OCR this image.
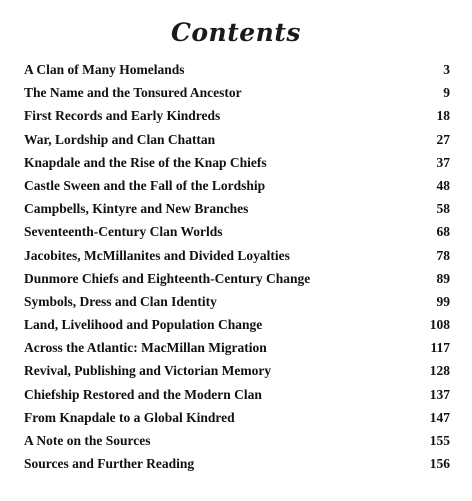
Contents
A Clan of Many Homelands	3
The Name and the Tonsured Ancestor	9
First Records and Early Kindreds	18
War, Lordship and Clan Chattan	27
Knapdale and the Rise of the Knap Chiefs	37
Castle Sween and the Fall of the Lordship	48
Campbells, Kintyre and New Branches	58
Seventeenth-Century Clan Worlds	68
Jacobites, McMillanites and Divided Loyalties	78
Dunmore Chiefs and Eighteenth-Century Change	89
Symbols, Dress and Clan Identity	99
Land, Livelihood and Population Change	108
Across the Atlantic: MacMillan Migration	117
Revival, Publishing and Victorian Memory	128
Chiefship Restored and the Modern Clan	137
From Knapdale to a Global Kindred	147
A Note on the Sources	155
Sources and Further Reading	156
